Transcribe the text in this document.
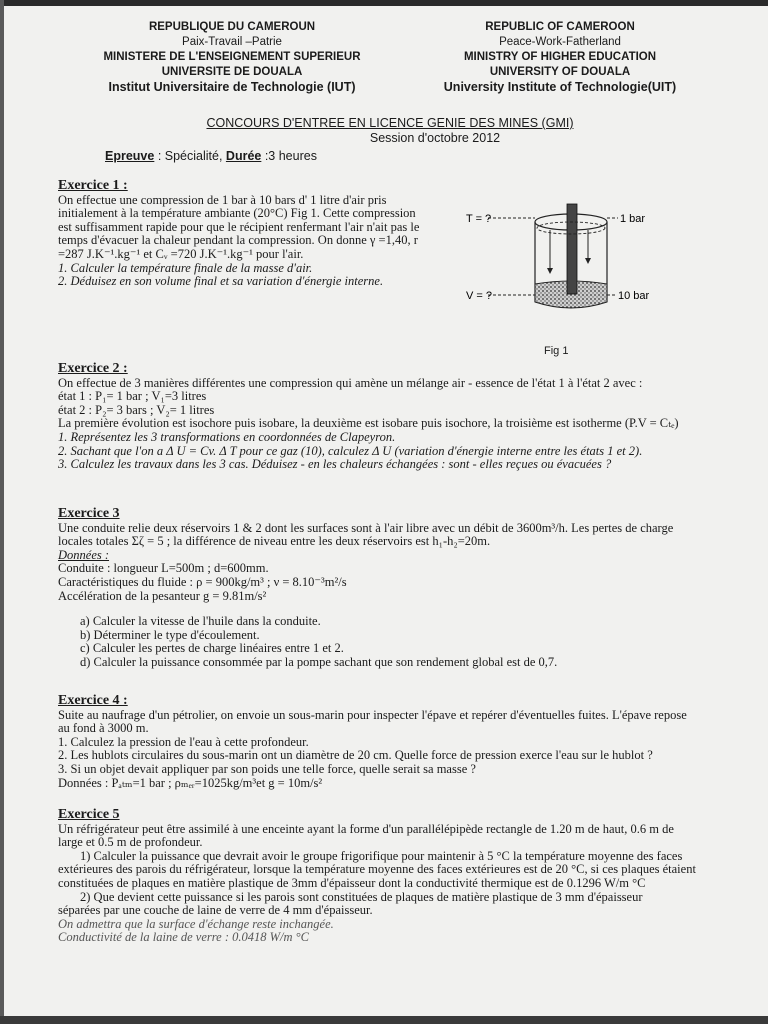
REPUBLIQUE DU CAMEROUN
Paix-Travail –Patrie
MINISTERE DE L'ENSEIGNEMENT SUPERIEUR
UNIVERSITE DE DOUALA
Institut Universitaire de Technologie (IUT)
REPUBLIC OF CAMEROON
Peace-Work-Fatherland
MINISTRY OF HIGHER EDUCATION
UNIVERSITY OF DOUALA
University Institute of Technologie(UIT)
CONCOURS D'ENTREE EN LICENCE GENIE DES MINES (GMI)
Session d'octobre 2012
Epreuve : Spécialité, Durée :3 heures
Exercice 1 :
On effectue une compression de 1 bar à 10 bars d' 1 litre d'air pris
initialement à la température ambiante (20°C) Fig 1. Cette compression
est suffisamment rapide pour que le récipient renfermant l'air n'ait pas le
temps d'évacuer la chaleur pendant la compression. On donne γ =1,40, r
=287 J.K⁻¹.kg⁻¹ et Cᵥ =720 J.K⁻¹.kg⁻¹ pour l'air.
1. Calculer la température finale de la masse d'air.
2. Déduisez en son volume final et sa variation d'énergie interne.
T = ?
V = ?
1 bar
10 bar
Fig 1
Exercice 2 :
On effectue de 3 manières différentes une compression qui amène un mélange air - essence de l'état 1 à l'état 2 avec :
état 1 : P₁= 1 bar ; V₁=3 litres
état 2 : P₂= 3 bars ; V₂= 1 litres
La première évolution est isochore puis isobare, la deuxième est isobare puis isochore, la troisième est isotherme (P.V = Cₜₑ)
1. Représentez les 3 transformations en coordonnées de Clapeyron.
2. Sachant que l'on a Δ U = Cv. Δ T pour ce gaz (10), calculez Δ U (variation d'énergie interne entre les états 1 et 2).
3. Calculez les travaux dans les 3 cas. Déduisez - en les chaleurs échangées : sont - elles reçues ou évacuées ?
Exercice 3
Une conduite relie deux réservoirs 1 & 2 dont les surfaces sont à l'air libre avec un débit de 3600m³/h. Les pertes de charge
locales totales Σζ = 5 ; la différence de niveau entre les deux réservoirs est h₁-h₂=20m.
Données :
Conduite : longueur L=500m ; d=600mm.
Caractéristiques du fluide : ρ = 900kg/m³ ; ν = 8.10⁻³m²/s
Accélération de la pesanteur g = 9.81m/s²
a) Calculer la vitesse de l'huile dans la conduite.
b) Déterminer le type d'écoulement.
c) Calculer les pertes de charge linéaires entre 1 et 2.
d) Calculer la puissance consommée par la pompe sachant que son rendement global est de 0,7.
Exercice 4 :
Suite au naufrage d'un pétrolier, on envoie un sous-marin pour inspecter l'épave et repérer d'éventuelles fuites. L'épave repose
au fond à 3000 m.
1. Calculez la pression de l'eau à cette profondeur.
2. Les hublots circulaires du sous-marin ont un diamètre de 20 cm. Quelle force de pression exerce l'eau sur le hublot ?
3. Si un objet devait appliquer par son poids une telle force, quelle serait sa masse ?
Données : Pₐₜₘ=1 bar ; ρₘₑᵣ=1025kg/m³et g = 10m/s²
Exercice 5
Un réfrigérateur peut être assimilé à une enceinte ayant la forme d'un parallélépipède rectangle de 1.20 m de haut, 0.6 m de
large et 0.5 m de profondeur.
1) Calculer la puissance que devrait avoir le groupe frigorifique pour maintenir à 5 °C la température moyenne des faces
extérieures des parois du réfrigérateur, lorsque la température moyenne des faces extérieures est de 20 °C, si ces plaques étaient
constituées de plaques en matière plastique de 3mm d'épaisseur dont la conductivité thermique est de 0.1296 W/m °C
2) Que devient cette puissance si les parois sont constituées de plaques de matière plastique de 3 mm d'épaisseur
séparées par une couche de laine de verre de 4 mm d'épaisseur.
On admettra que la surface d'échange reste inchangée.
Conductivité de la laine de verre : 0.0418 W/m °C
